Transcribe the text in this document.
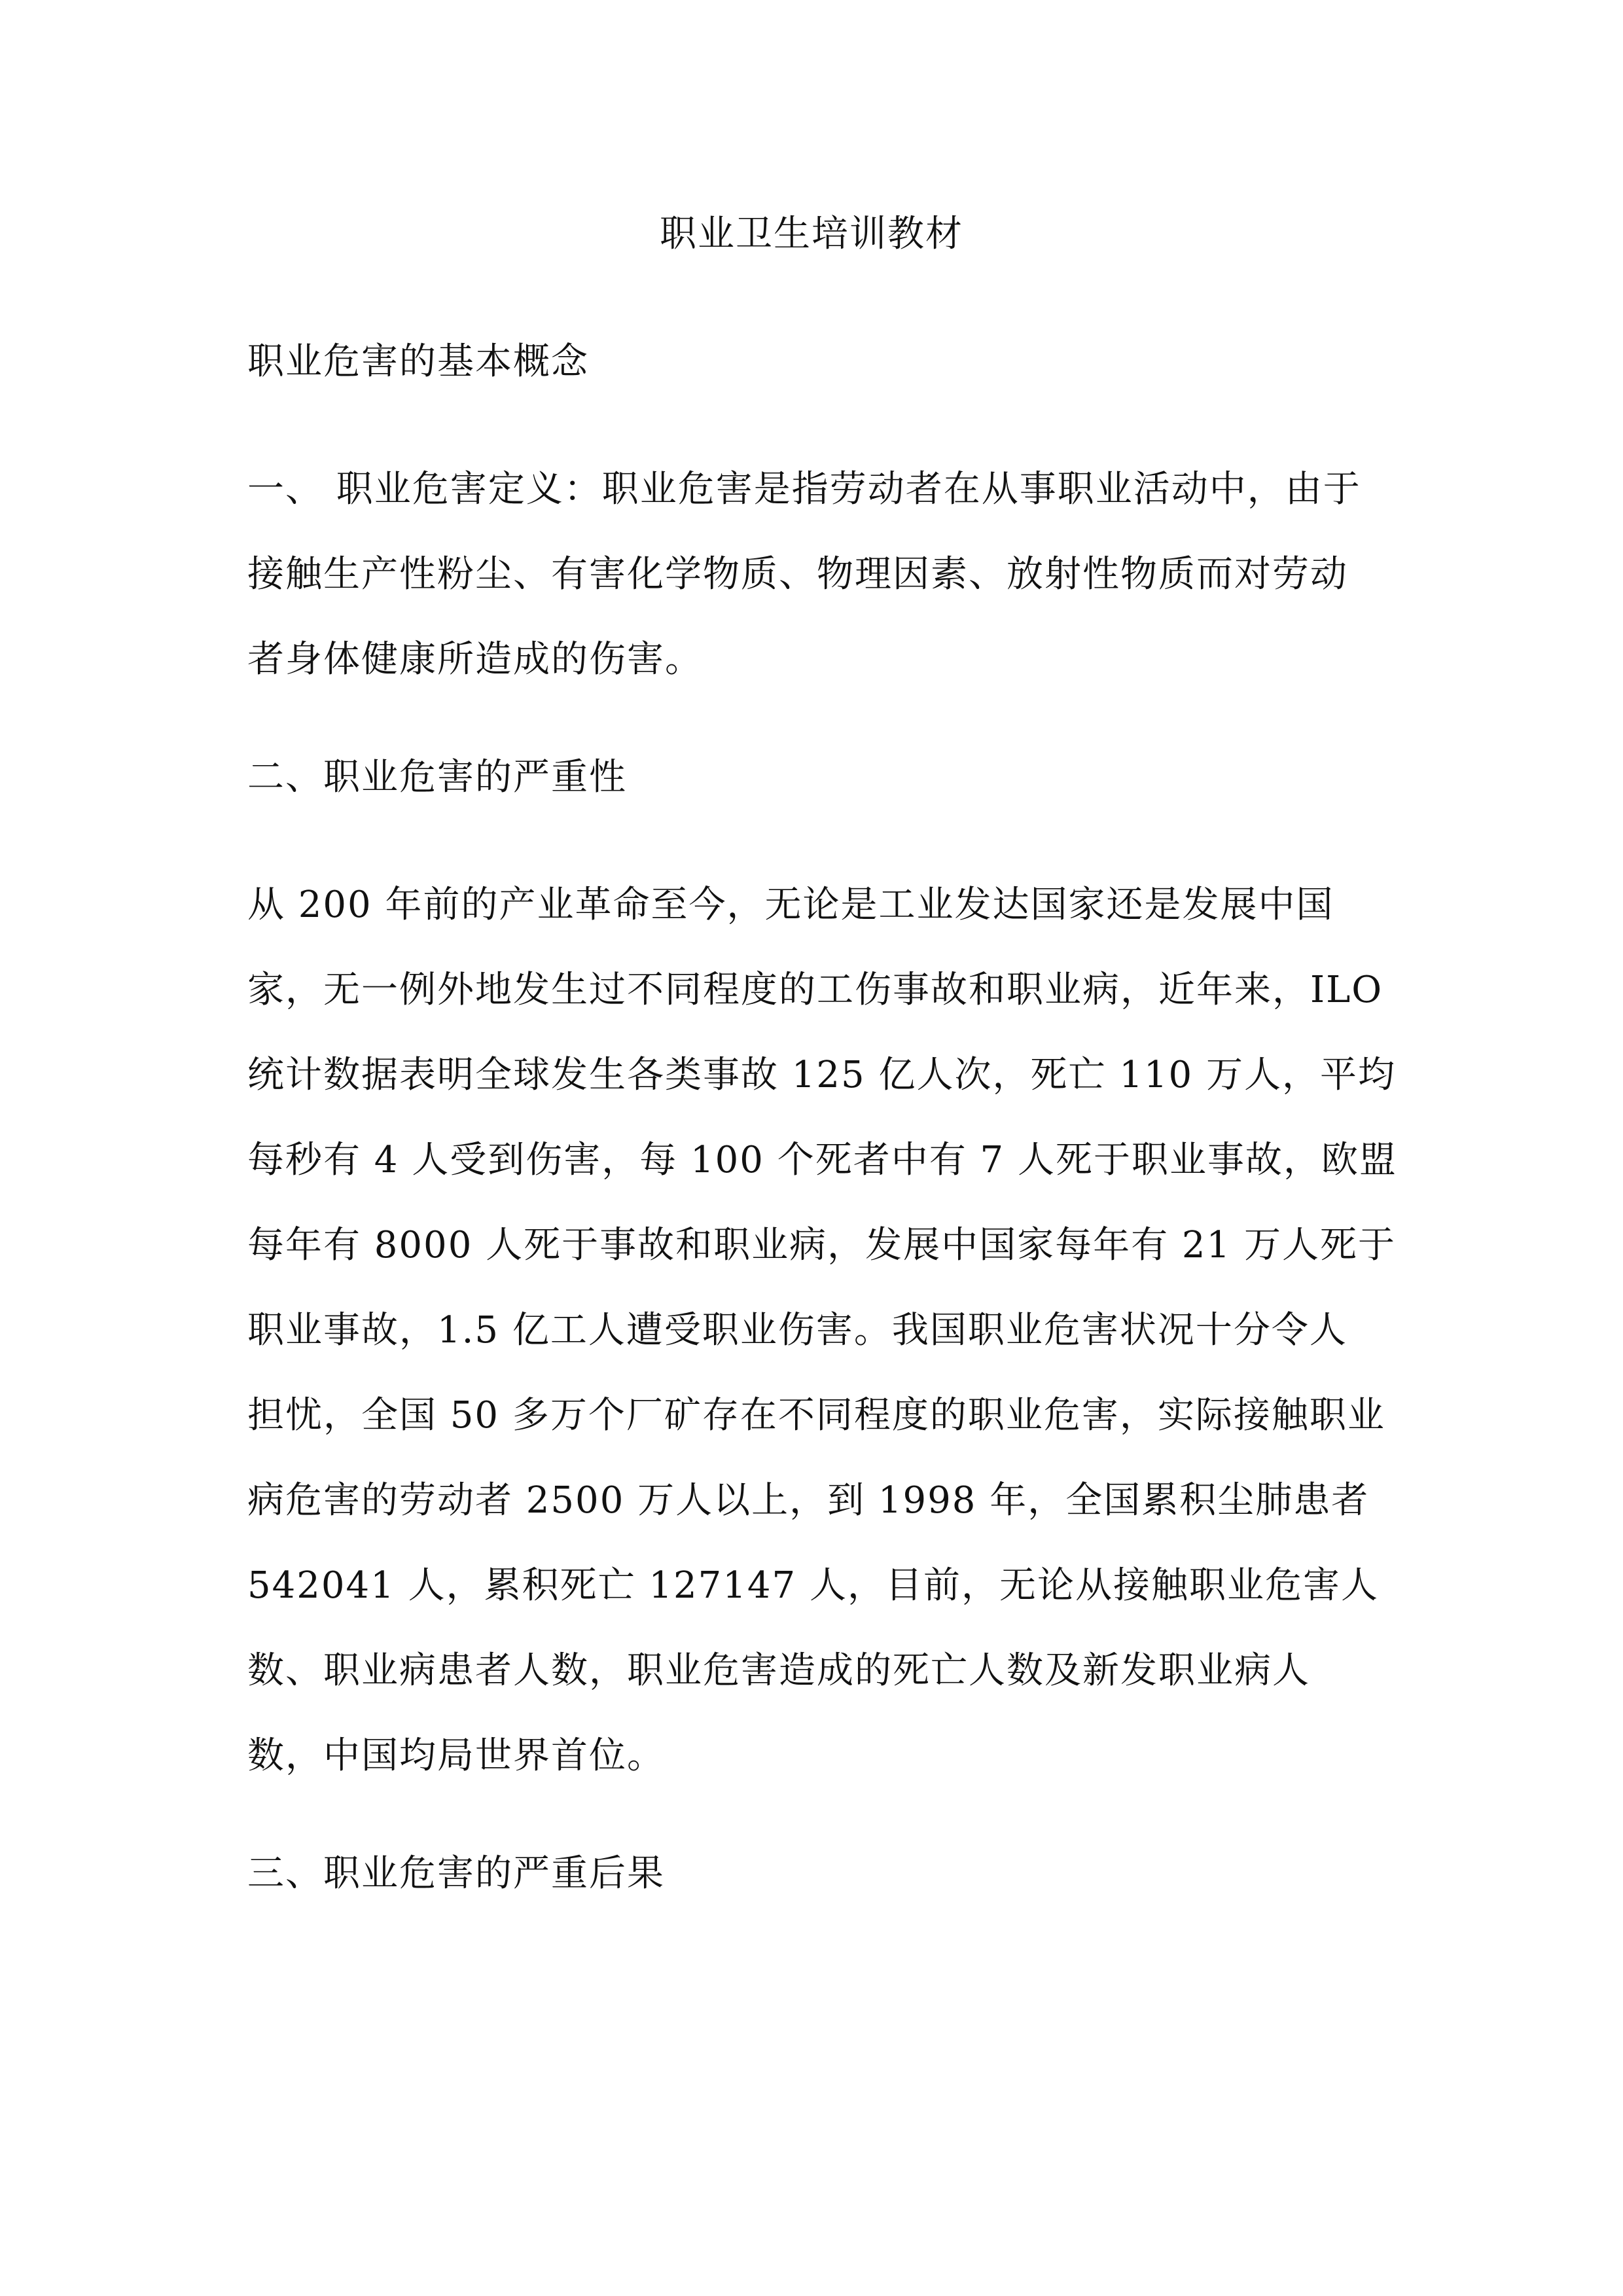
职业卫生培训教材
职业危害的基本概念
一、 职业危害定义：职业危害是指劳动者在从事职业活动中，由于
接触生产性粉尘、有害化学物质、物理因素、放射性物质而对劳动
者身体健康所造成的伤害。
二、职业危害的严重性
从 200 年前的产业革命至今，无论是工业发达国家还是发展中国
家，无一例外地发生过不同程度的工伤事故和职业病，近年来，ILO
统计数据表明全球发生各类事故 125 亿人次，死亡 110 万人，平均
每秒有 4 人受到伤害，每 100 个死者中有 7 人死于职业事故，欧盟
每年有 8000 人死于事故和职业病，发展中国家每年有 21 万人死于
职业事故，1.5 亿工人遭受职业伤害。我国职业危害状况十分令人
担忧，全国 50 多万个厂矿存在不同程度的职业危害，实际接触职业
病危害的劳动者 2500 万人以上，到 1998 年，全国累积尘肺患者
542041 人，累积死亡 127147 人，目前，无论从接触职业危害人
数、职业病患者人数，职业危害造成的死亡人数及新发职业病人
数，中国均局世界首位。
三、职业危害的严重后果
